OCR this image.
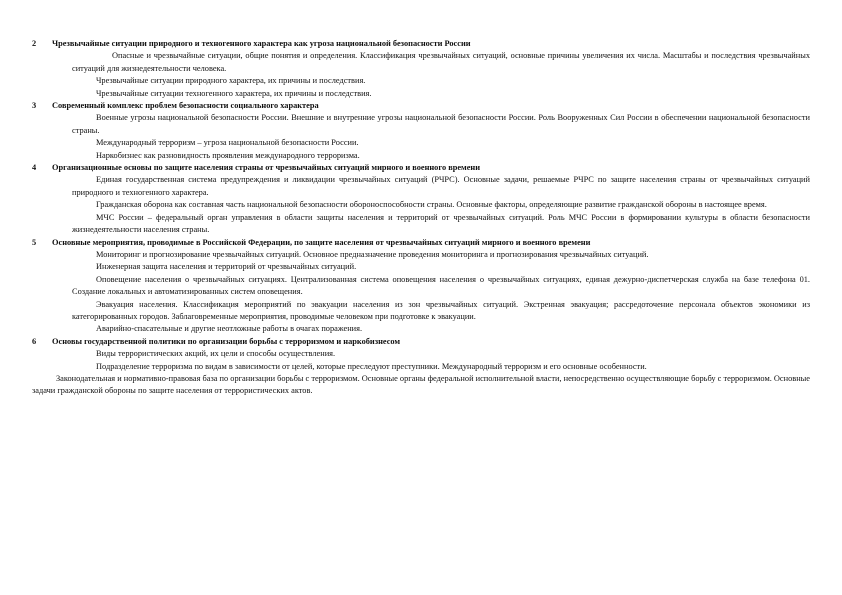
2	Чрезвычайные ситуации природного и техногенного характера как угроза национальной безопасности России

Опасные и чрезвычайные ситуации, общие понятия и определения. Классификация чрезвычайных ситуаций, основные причины увеличения их числа. Масштабы и последствия чрезвычайных ситуаций для жизнедеятельности человека.

Чрезвычайные ситуации природного характера, их причины и последствия.

Чрезвычайные ситуации техногенного характера, их причины и последствия.

3	Современный комплекс проблем безопасности социального характера

Военные угрозы национальной безопасности России. Внешние и внутренние угрозы национальной безопасности России. Роль Вооруженных Сил России в обеспечении национальной безопасности страны.

Международный терроризм – угроза национальной безопасности России.

Наркобизнес как разновидность проявления международного терроризма.

4	Организационные основы по защите населения страны от чрезвычайных ситуаций мирного и военного времени

Единая государственная система предупреждения и ликвидации чрезвычайных ситуаций (РЧРС). Основные задачи, решаемые РЧРС по защите населения страны от чрезвычайных ситуаций природного и техногенного характера.

Гражданская оборона как составная часть национальной безопасности обороноспособности страны. Основные факторы, определяющие развитие гражданской обороны в настоящее время.

МЧС России – федеральный орган управления в области защиты населения и территорий от чрезвычайных ситуаций. Роль МЧС России в формировании культуры в области безопасности жизнедеятельности населения страны.

5	Основные мероприятия, проводимые в Российской Федерации, по защите населения от чрезвычайных ситуаций мирного и военного времени

Мониторинг и прогнозирование чрезвычайных ситуаций. Основное предназначение проведения мониторинга и прогнозирования чрезвычайных ситуаций.

Инженерная защита населения и территорий от чрезвычайных ситуаций.

Оповещение населения о чрезвычайных ситуациях. Централизованная система оповещения населения о чрезвычайных ситуациях, единая дежурно-диспетчерская служба на базе телефона 01. Создание локальных и автоматизированных систем оповещения.

Эвакуация населения. Классификация мероприятий по эвакуации населения из зон чрезвычайных ситуаций. Экстренная эвакуация; рассредоточение персонала объектов экономики из категорированных городов. Заблаговременные мероприятия, проводимые человеком при подготовке к эвакуации.

Аварийно-спасательные и другие неотложные работы в очагах поражения.

6	Основы государственной политики по организации борьбы с терроризмом и наркобизнесом

Виды террористических акций, их цели и способы осуществления.

Подразделение терроризма по видам в зависимости от целей, которые преследуют преступники. Международный терроризм и его основные особенности.

Законодательная и нормативно-правовая база по организации борьбы с терроризмом. Основные органы федеральной исполнительной власти, непосредственно осуществляющие борьбу с терроризмом. Основные задачи гражданской обороны по защите населения от террористических актов.
